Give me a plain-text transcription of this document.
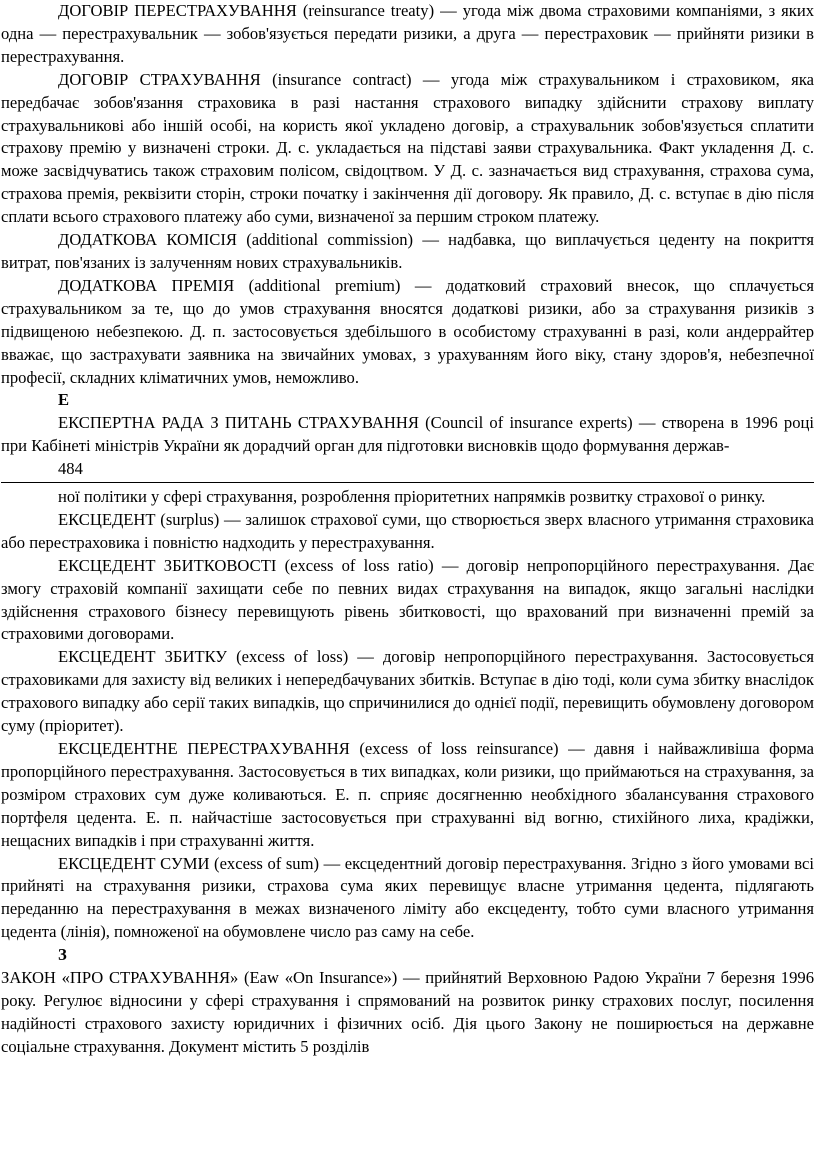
ДОГОВІР ПЕРЕСТРАХУВАННЯ (reinsurance treaty) — угода між двома страховими компаніями, з яких одна — перестрахувальник — зобов'язується передати ризики, а друга — перестраховик — прийняти ризики в перестрахування.

ДОГОВІР СТРАХУВАННЯ (insurance contract) — угода між страхувальником і страховиком, яка передбачає зобов'язання страховика в разі настання страхового випадку здійснити страхову виплату страхувальникові або іншій особі, на користь якої укладено договір, а страхувальник зобов'язується сплатити страхову премію у визначені строки. Д. с. укладається на підставі заяви страхувальника. Факт укладення Д. с. може засвідчуватись також страховим полісом, свідоцтвом. У Д. с. зазначається вид страхування, страхова сума, страхова премія, реквізити сторін, строки початку і закінчення дії договору. Як правило, Д. с. вступає в дію після сплати всього страхового платежу або суми, визначеної за першим строком платежу.

ДОДАТКОВА КОМІСІЯ (additional commission) — надбавка, що виплачується цеденту на покриття витрат, пов'язаних із залученням нових страхувальників.

ДОДАТКОВА ПРЕМІЯ (additional premium) — додатковий страховий внесок, що сплачується страхувальником за те, що до умов страхування вносятся додаткові ризики, або за страхування ризиків з підвищеною небезпекою. Д. п. застосовується здебільшого в особистому страхуванні в разі, коли андеррайтер вважає, що застрахувати заявника на звичайних умовах, з урахуванням його віку, стану здоров'я, небезпечної професії, складних кліматичних умов, неможливо.

Е

ЕКСПЕРТНА РАДА З ПИТАНЬ СТРАХУВАННЯ (Council of insurance experts) — створена в 1996 році при Кабінеті міністрів України як дорадчий орган для підготовки висновків щодо формування держав-

484

ної політики у сфері страхування, розроблення пріоритетних напрямків розвитку страхової о ринку.

ЕКСЦЕДЕНТ (surplus) — залишок страхової суми, що створюється зверх власного утримання страховика або перестраховика і повністю надходить у перестрахування.

ЕКСЦЕДЕНТ ЗБИТКОВОСТІ (excess of loss ratio) — договір непропорційного перестрахування. Дає змогу страховій компанії захищати себе по певних видах страхування на випадок, якщо загальні наслідки здійснення страхового бізнесу перевищують рівень збитковості, що врахований при визначенні премій за страховими договорами.

ЕКСЦЕДЕНТ ЗБИТКУ (excess of loss) — договір непропорційного перестрахування. Застосовується страховиками для захисту від великих і непередбачуваних збитків. Вступає в дію тоді, коли сума збитку внаслідок страхового випадку або серії таких випадків, що спричинилися до однієї події, перевищить обумовлену договором суму (пріоритет).

ЕКСЦЕДЕНТНЕ ПЕРЕСТРАХУВАННЯ (excess of loss reinsurance) — давня і найважливіша форма пропорційного перестрахування. Застосовується в тих випадках, коли ризики, що приймаються на страхування, за розміром страхових сум дуже коливаються. Е. п. сприяє досягненню необхідного збалансування страхового портфеля цедента. Е. п. найчастіше застосовується при страхуванні від вогню, стихійного лиха, крадіжки, нещасних випадків і при страхуванні життя.

ЕКСЦЕДЕНТ СУМИ (excess of sum) — ексцедентний договір перестрахування. Згідно з його умовами всі прийняті на страхування ризики, страхова сума яких перевищує власне утримання цедента, підлягають переданню на перестрахування в межах визначеного ліміту або ексцеденту, тобто суми власного утримання цедента (лінія), помноженої на обумовлене число раз саму на себе.

З

ЗАКОН «ПРО СТРАХУВАННЯ» (Eaw «On Insurance») — прийнятий Верховною Радою України 7 березня 1996 року. Регулює відносини у сфері страхування і спрямований на розвиток ринку страхових послуг, посилення надійності страхового захисту юридичних і фізичних осіб. Дія цього Закону не поширюється на державне соціальне страхування. Документ містить 5 розділів
